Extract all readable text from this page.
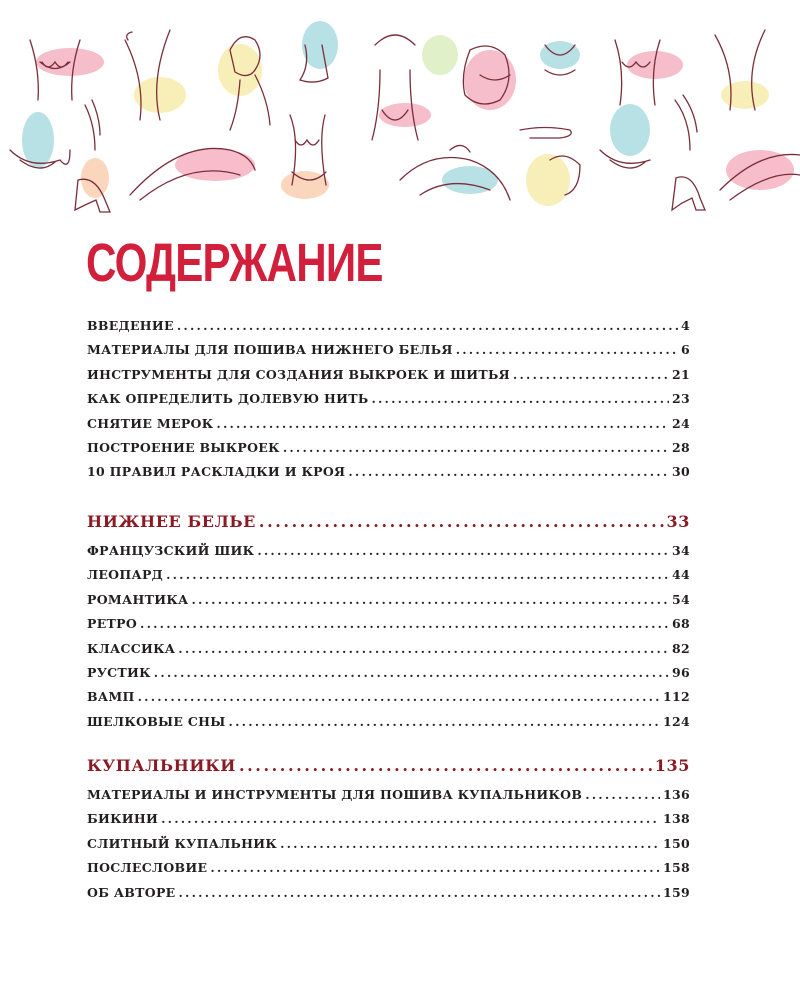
СОДЕРЖАНИЕ
ВВЕДЕНИЕ .....	4
МАТЕРИАЛЫ ДЛЯ ПОШИВА НИЖНЕГО БЕЛЬЯ .....	6
ИНСТРУМЕНТЫ ДЛЯ СОЗДАНИЯ ВЫКРОЕК И ШИТЬЯ .....	21
КАК ОПРЕДЕЛИТЬ ДОЛЕВУЮ НИТЬ .....	23
СНЯТИЕ МЕРОК .....	24
ПОСТРОЕНИЕ ВЫКРОЕК .....	28
10 ПРАВИЛ РАСКЛАДКИ И КРОЯ .....	30
НИЖНЕЕ БЕЛЬЕ .....	33
ФРАНЦУЗСКИЙ ШИК .....	34
ЛЕОПАРД .....	44
РОМАНТИКА .....	54
РЕТРО .....	68
КЛАССИКА .....	82
РУСТИК .....	96
ВАМП .....	112
ШЕЛКОВЫЕ СНЫ .....	124
КУПАЛЬНИКИ .....	135
МАТЕРИАЛЫ И ИНСТРУМЕНТЫ ДЛЯ ПОШИВА КУПАЛЬНИКОВ .....	136
БИКИНИ .....	138
СЛИТНЫЙ КУПАЛЬНИК .....	150
ПОСЛЕСЛОВИЕ .....	158
ОБ АВТОРЕ .....	159
